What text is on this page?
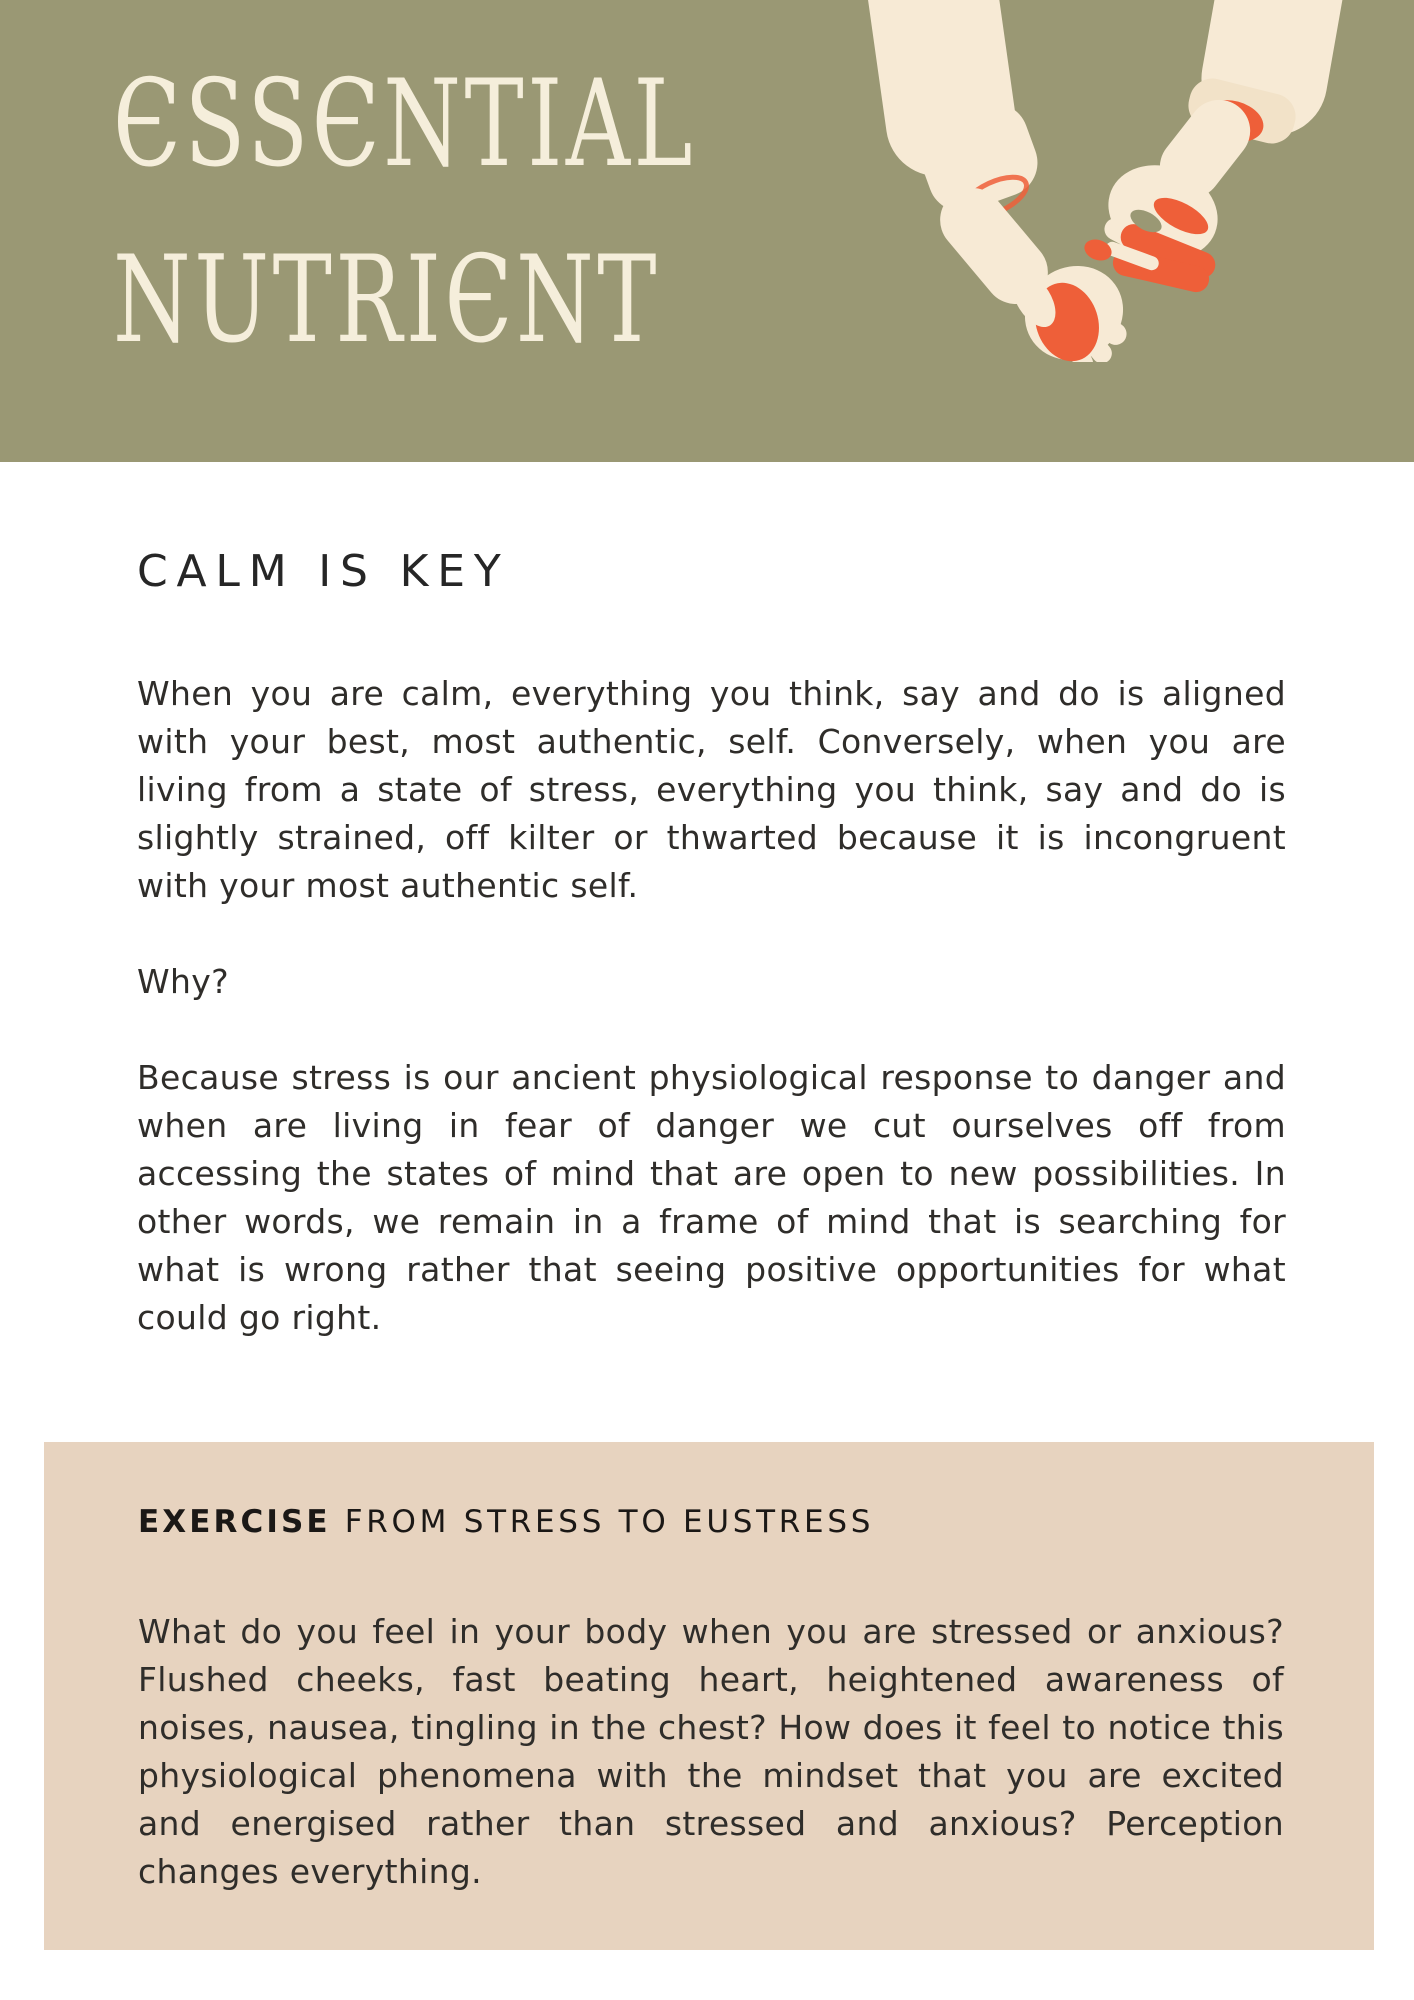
ЄSSЄNTIAL
NUTRIЄNT
CALM IS KEY

When you are calm, everything you think, say and do is aligned with your best, most authentic, self. Conversely, when you are living from a state of stress, everything you think, say and do is slightly strained, off kilter or thwarted because it is incongruent with your most authentic self.

Why?

Because stress is our ancient physiological response to danger and when are living in fear of danger we cut ourselves off from accessing the states of mind that are open to new possibilities. In other words, we remain in a frame of mind that is searching for what is wrong rather that seeing positive opportunities for what could go right.

EXERCISE FROM STRESS TO EUSTRESS

What do you feel in your body when you are stressed or anxious? Flushed cheeks, fast beating heart, heightened awareness of noises, nausea, tingling in the chest? How does it feel to notice this physiological phenomena with the mindset that you are excited and energised rather than stressed and anxious? Perception changes everything.
